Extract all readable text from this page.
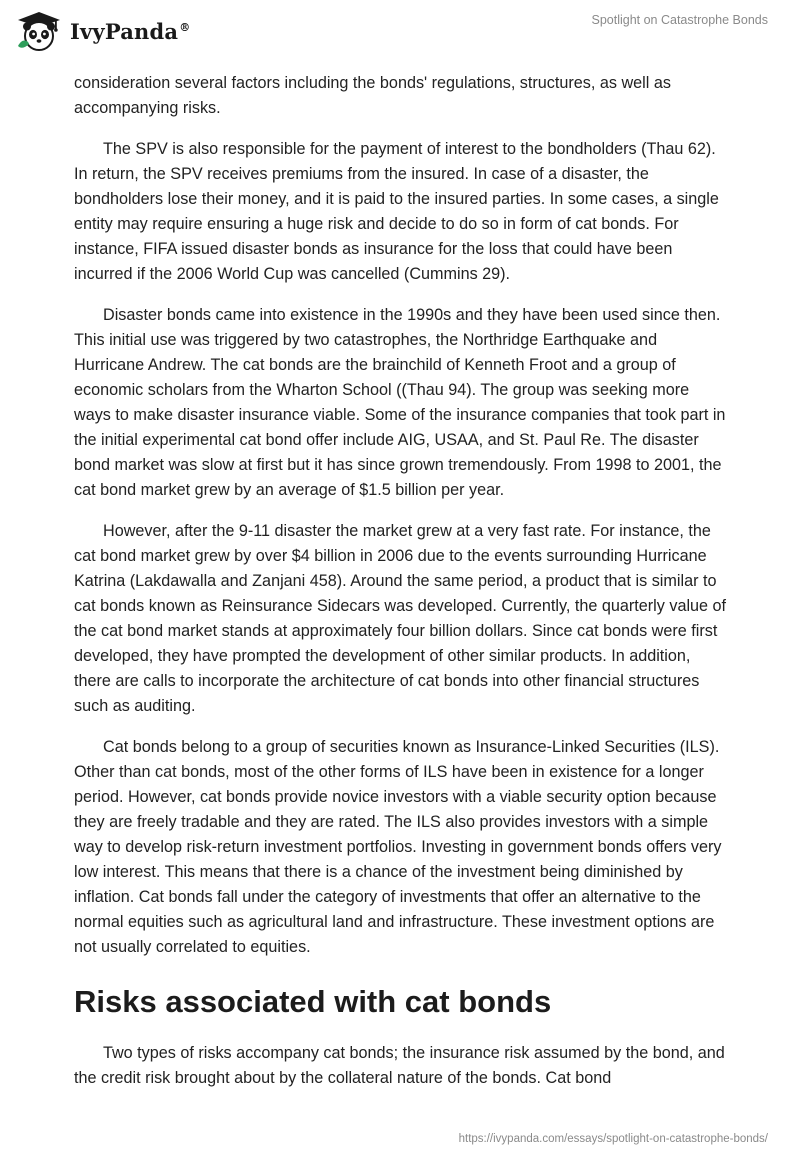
IvyPanda®	Spotlight on Catastrophe Bonds

consideration several factors including the bonds' regulations, structures, as well as accompanying risks.

The SPV is also responsible for the payment of interest to the bondholders (Thau 62). In return, the SPV receives premiums from the insured. In case of a disaster, the bondholders lose their money, and it is paid to the insured parties. In some cases, a single entity may require ensuring a huge risk and decide to do so in form of cat bonds. For instance, FIFA issued disaster bonds as insurance for the loss that could have been incurred if the 2006 World Cup was cancelled (Cummins 29).

Disaster bonds came into existence in the 1990s and they have been used since then. This initial use was triggered by two catastrophes, the Northridge Earthquake and Hurricane Andrew. The cat bonds are the brainchild of Kenneth Froot and a group of economic scholars from the Wharton School ((Thau 94). The group was seeking more ways to make disaster insurance viable. Some of the insurance companies that took part in the initial experimental cat bond offer include AIG, USAA, and St. Paul Re. The disaster bond market was slow at first but it has since grown tremendously. From 1998 to 2001, the cat bond market grew by an average of $1.5 billion per year.

However, after the 9-11 disaster the market grew at a very fast rate. For instance, the cat bond market grew by over $4 billion in 2006 due to the events surrounding Hurricane Katrina (Lakdawalla and Zanjani 458). Around the same period, a product that is similar to cat bonds known as Reinsurance Sidecars was developed. Currently, the quarterly value of the cat bond market stands at approximately four billion dollars. Since cat bonds were first developed, they have prompted the development of other similar products. In addition, there are calls to incorporate the architecture of cat bonds into other financial structures such as auditing.

Cat bonds belong to a group of securities known as Insurance-Linked Securities (ILS). Other than cat bonds, most of the other forms of ILS have been in existence for a longer period. However, cat bonds provide novice investors with a viable security option because they are freely tradable and they are rated. The ILS also provides investors with a simple way to develop risk-return investment portfolios. Investing in government bonds offers very low interest. This means that there is a chance of the investment being diminished by inflation. Cat bonds fall under the category of investments that offer an alternative to the normal equities such as agricultural land and infrastructure. These investment options are not usually correlated to equities.

Risks associated with cat bonds

Two types of risks accompany cat bonds; the insurance risk assumed by the bond, and the credit risk brought about by the collateral nature of the bonds. Cat bond

https://ivypanda.com/essays/spotlight-on-catastrophe-bonds/
